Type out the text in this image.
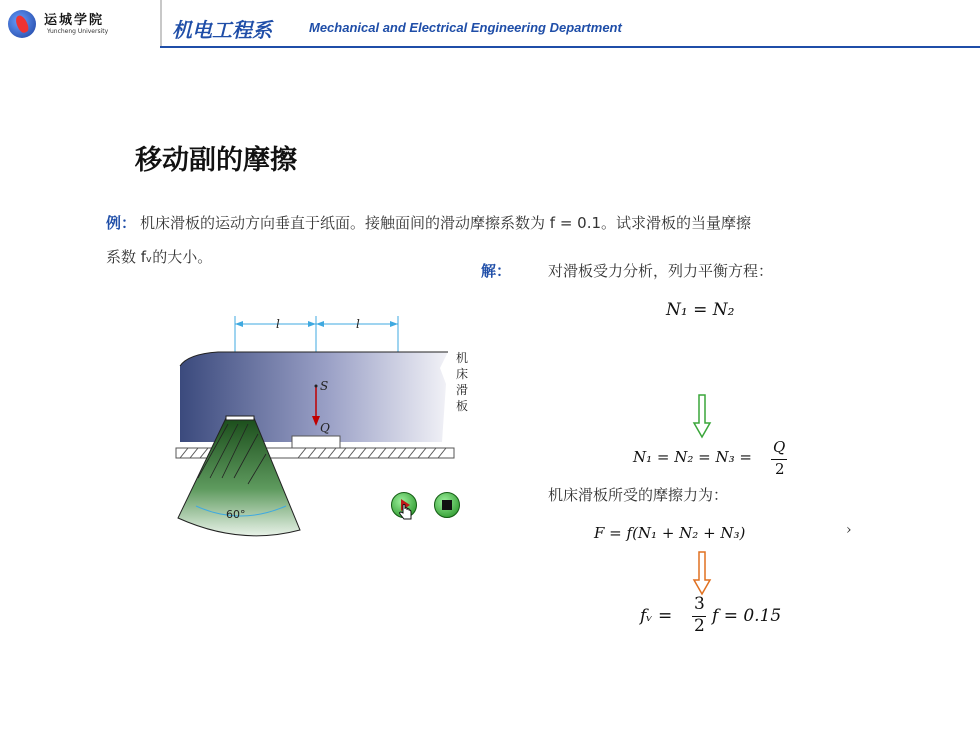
运城学院
Yuncheng University	机电工程系	Mechanical and Electrical Engineering Department
移动副的摩擦
例： 机床滑板的运动方向垂直于纸面。接触面间的滑动摩擦系数为 f = 0.1。试求滑板的当量摩擦
系数 fᵥ的大小。
解： 对滑板受力分析，列力平衡方程：
N₁ = N₂
N₁ = N₂ = N₃ =
Q
2
机床滑板所受的摩擦力为：
F = f(N₁ + N₂ + N₃)	›
fᵥ =
3
2 f = 0.15
l	l
S
Q
60°
机
床
滑
板
